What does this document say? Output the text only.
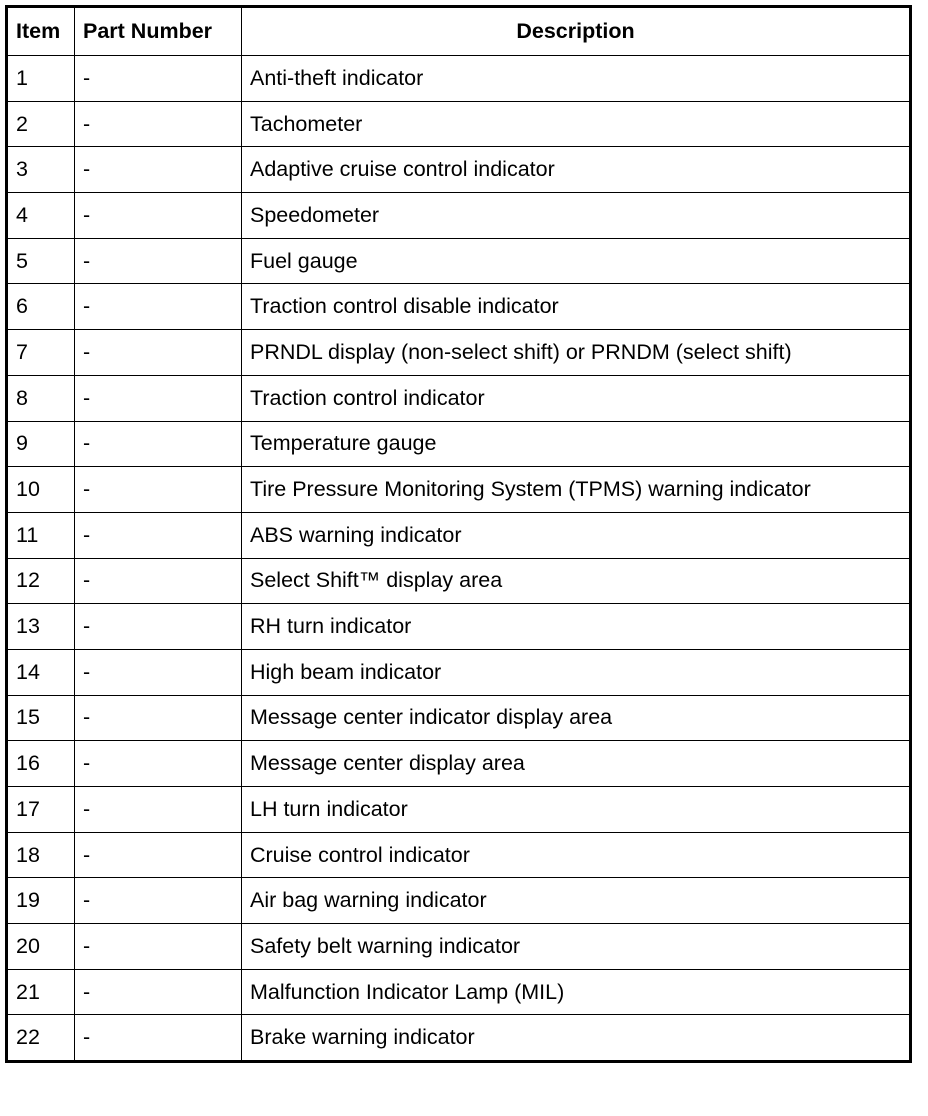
Item	Part Number	Description
1	-	Anti-theft indicator
2	-	Tachometer
3	-	Adaptive cruise control indicator
4	-	Speedometer
5	-	Fuel gauge
6	-	Traction control disable indicator
7	-	PRNDL display (non-select shift) or PRNDM (select shift)
8	-	Traction control indicator
9	-	Temperature gauge
10	-	Tire Pressure Monitoring System (TPMS) warning indicator
11	-	ABS warning indicator
12	-	Select Shift™ display area
13	-	RH turn indicator
14	-	High beam indicator
15	-	Message center indicator display area
16	-	Message center display area
17	-	LH turn indicator
18	-	Cruise control indicator
19	-	Air bag warning indicator
20	-	Safety belt warning indicator
21	-	Malfunction Indicator Lamp (MIL)
22	-	Brake warning indicator
